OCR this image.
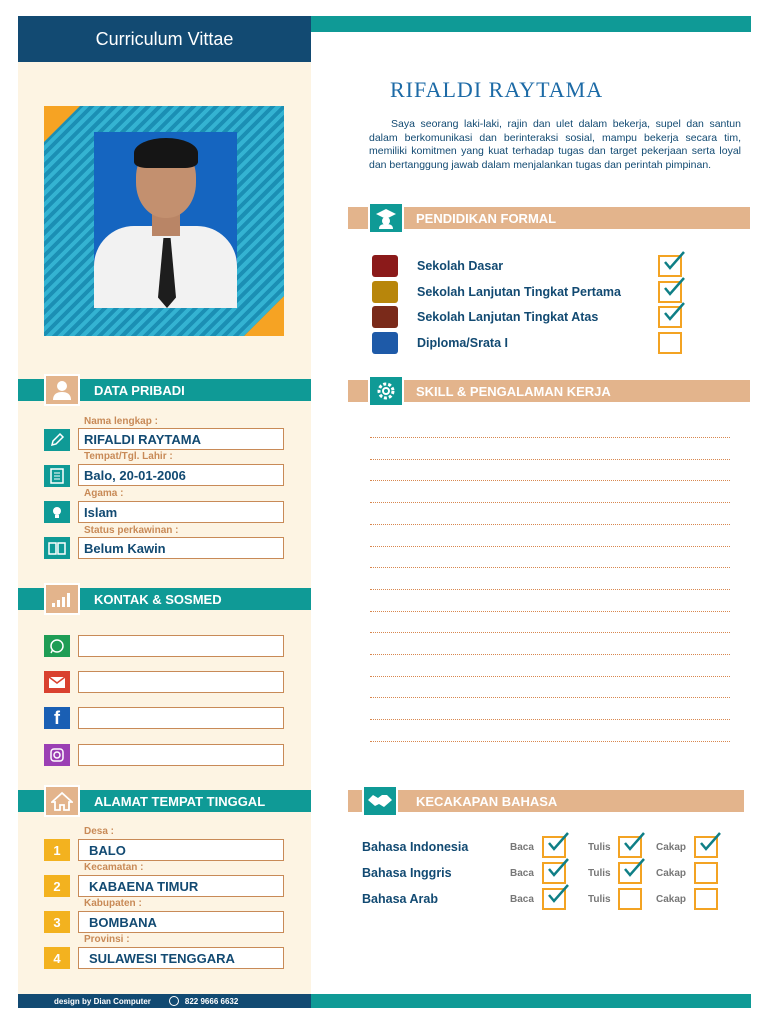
Curriculum Vittae
DATA PRIBADI
Nama lengkap :
RIFALDI RAYTAMA
Tempat/Tgl. Lahir :
Balo, 20-01-2006
Agama :
Islam
Status perkawinan :
Belum Kawin
KONTAK & SOSMED
f
ALAMAT TEMPAT TINGGAL
Desa :
1	BALO
Kecamatan :
2	KABAENA TIMUR
Kabupaten :
3	BOMBANA
Provinsi :
4	SULAWESI TENGGARA
design by Dian Computer	822 9666 6632
RIFALDI RAYTAMA
Saya seorang laki-laki, rajin dan ulet dalam bekerja, supel dan santun dalam berkomunikasi dan berinteraksi sosial, mampu bekerja secara tim, memiliki komitmen yang kuat terhadap tugas dan target pekerjaan serta loyal dan bertanggung jawab dalam menjalankan tugas dan perintah pimpinan.
PENDIDIKAN FORMAL
Sekolah Dasar
Sekolah Lanjutan Tingkat Pertama
Sekolah Lanjutan Tingkat Atas
Diploma/Srata I
SKILL & PENGALAMAN KERJA
KECAKAPAN BAHASA
Bahasa Indonesia	Baca	Tulis	Cakap
Bahasa Inggris	Baca	Tulis	Cakap
Bahasa Arab	Baca	Tulis	Cakap
